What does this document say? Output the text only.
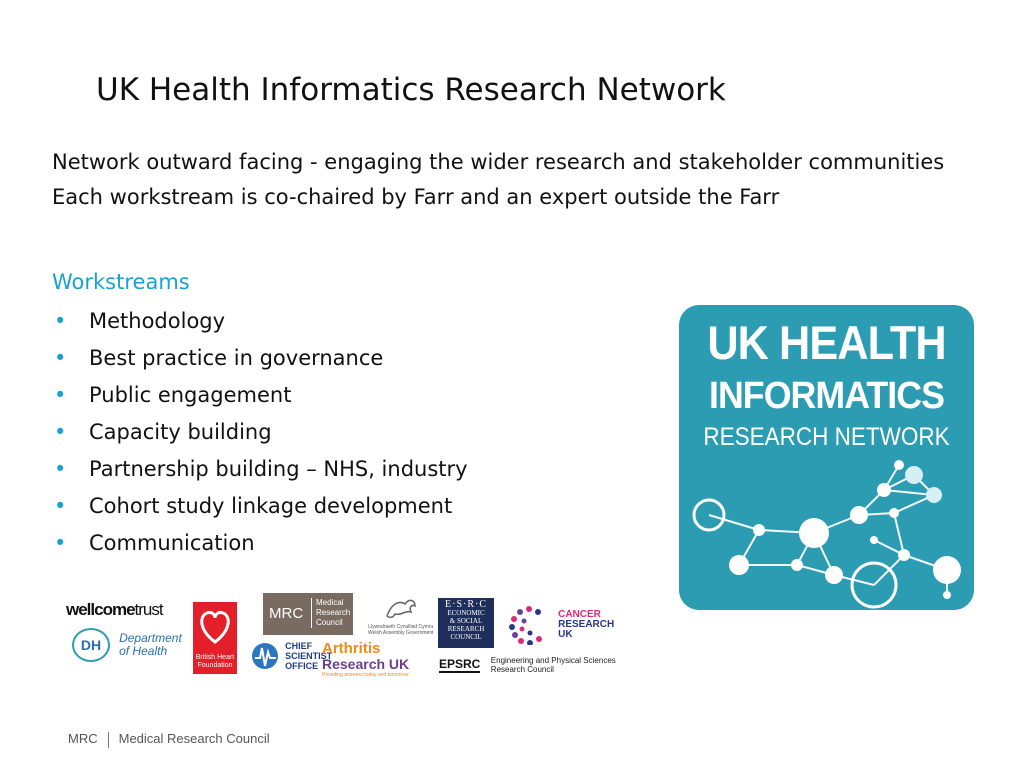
UK Health Informatics Research Network

Network outward facing - engaging the wider research and stakeholder communities

Each workstream is co-chaired by Farr and an expert outside the Farr

Workstreams
• Methodology
• Best practice in governance
• Public engagement
• Capacity building
• Partnership building – NHS, industry
• Cohort study linkage development
• Communication
UK HEALTH
INFORMATICS
RESEARCH NETWORK
wellcometrust
DH Department
of Health	British Heart Foundation
MRC
Medical
Research
Council
CHIEF
SCIENTIST
OFFICE
Arthritis
Research UK
Providing answers today and tomorrow
Llywodraeth Cynulliad Cymru
Welsh Assembly Government
E·S·R·C
ECONOMIC
& SOCIAL
RESEARCH
COUNCIL
CANCER
RESEARCH
UK
EPSRC Engineering and Physical Sciences
Research Council
MRC Medical Research Council
